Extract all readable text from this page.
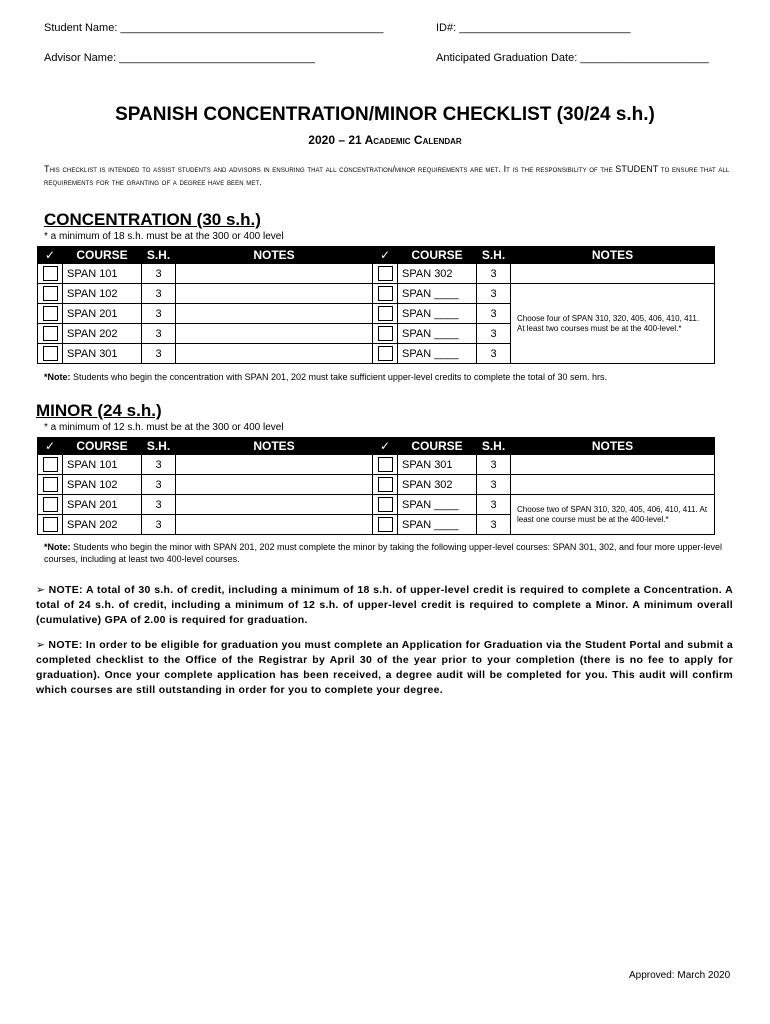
Student Name: ___________________________________________	ID#: ____________________________
Advisor Name: ________________________________	Anticipated Graduation Date: _____________________
SPANISH CONCENTRATION/MINOR CHECKLIST (30/24 s.h.)
2020 – 21 Academic Calendar
This checklist is intended to assist students and advisors in ensuring that all concentration/minor requirements are met. It is the responsibility of the STUDENT to ensure that all requirements for the granting of a degree have been met.
CONCENTRATION (30 s.h.)
* a minimum of 18 s.h. must be at the 300 or 400 level
✓	COURSE	S.H.	NOTES	✓	COURSE	S.H.	NOTES
	SPAN 101	3			SPAN 302	3	
	SPAN 102	3			SPAN ____	3	Choose four of SPAN 310, 320, 405, 406, 410, 411. At least two courses must be at the 400-level.*
	SPAN 201	3			SPAN ____	3	
	SPAN 202	3			SPAN ____	3	
	SPAN 301	3			SPAN ____	3	
*Note: Students who begin the concentration with SPAN 201, 202 must take sufficient upper-level credits to complete the total of 30 sem. hrs.
MINOR (24 s.h.)
* a minimum of 12 s.h. must be at the 300 or 400 level
✓	COURSE	S.H.	NOTES	✓	COURSE	S.H.	NOTES
	SPAN 101	3			SPAN 301	3	
	SPAN 102	3			SPAN 302	3	
	SPAN 201	3			SPAN ____	3	Choose two of SPAN 310, 320, 405, 406, 410, 411. At least one course must be at the 400-level.*
	SPAN 202	3			SPAN ____	3	
*Note: Students who begin the minor with SPAN 201, 202 must complete the minor by taking the following upper-level courses: SPAN 301, 302, and four more upper-level courses, including at least two 400-level courses.
➢ NOTE: A total of 30 s.h. of credit, including a minimum of 18 s.h. of upper-level credit is required to complete a Concentration. A total of 24 s.h. of credit, including a minimum of 12 s.h. of upper-level credit is required to complete a Minor. A minimum overall (cumulative) GPA of 2.00 is required for graduation.
➢ NOTE: In order to be eligible for graduation you must complete an Application for Graduation via the Student Portal and submit a completed checklist to the Office of the Registrar by April 30 of the year prior to your completion (there is no fee to apply for graduation). Once your complete application has been received, a degree audit will be completed for you. This audit will confirm which courses are still outstanding in order for you to complete your degree.
Approved: March 2020
